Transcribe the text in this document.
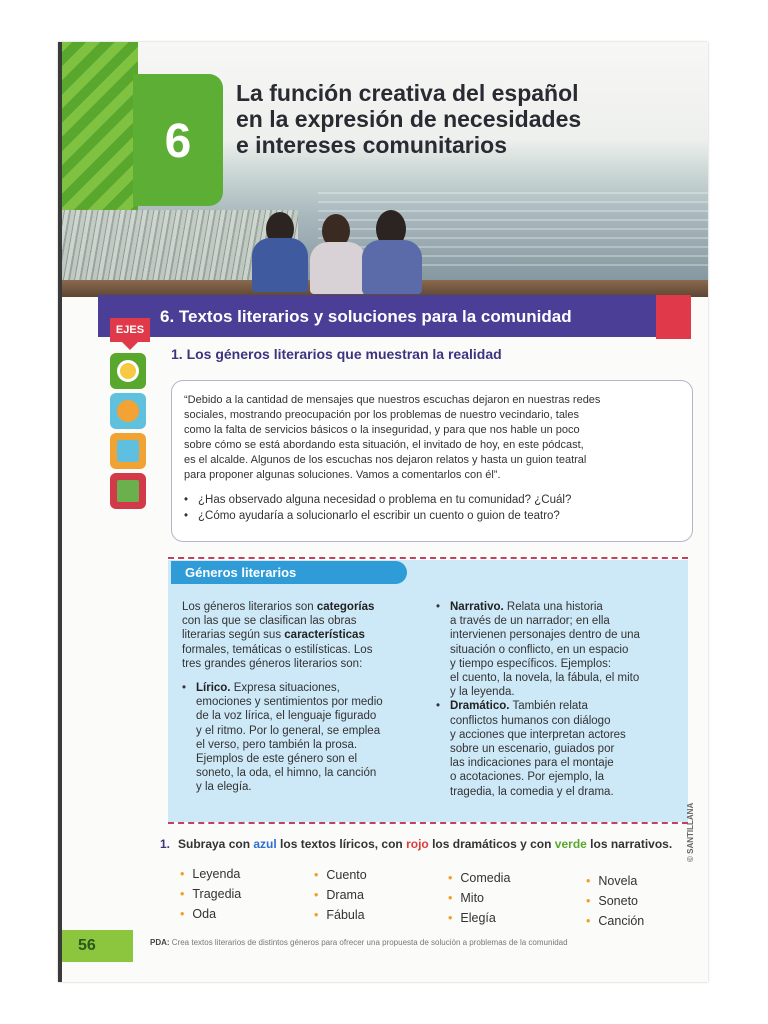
6
La función creativa del español
en la expresión de necesidades
e intereses comunitarios
6. Textos literarios y soluciones para la comunidad
EJES
1. Los géneros literarios que muestran la realidad
“Debido a la cantidad de mensajes que nuestros escuchas dejaron en nuestras redes
sociales, mostrando preocupación por los problemas de nuestro vecindario, tales
como la falta de servicios básicos o la inseguridad, y para que nos hable un poco
sobre cómo se está abordando esta situación, el invitado de hoy, en este pódcast,
es el alcalde. Algunos de los escuchas nos dejaron relatos y hasta un guion teatral
para proponer algunas soluciones. Vamos a comentarlos con él”.
• ¿Has observado alguna necesidad o problema en tu comunidad? ¿Cuál?
• ¿Cómo ayudaría a solucionarlo el escribir un cuento o guion de teatro?
Géneros literarios
Los géneros literarios son categorías
con las que se clasifican las obras
literarias según sus características
formales, temáticas o estilísticas. Los
tres grandes géneros literarios son:
• Lírico. Expresa situaciones,
emociones y sentimientos por medio
de la voz lírica, el lenguaje figurado
y el ritmo. Por lo general, se emplea
el verso, pero también la prosa.
Ejemplos de este género son el
soneto, la oda, el himno, la canción
y la elegía.
• Narrativo. Relata una historia
a través de un narrador; en ella
intervienen personajes dentro de una
situación o conflicto, en un espacio
y tiempo específicos. Ejemplos:
el cuento, la novela, la fábula, el mito
y la leyenda.
• Dramático. También relata
conflictos humanos con diálogo
y acciones que interpretan actores
sobre un escenario, guiados por
las indicaciones para el montaje
o acotaciones. Por ejemplo, la
tragedia, la comedia y el drama.
1. Subraya con azul los textos líricos, con rojo los dramáticos y con verde los narrativos.
• Leyenda
• Tragedia
• Oda
• Cuento
• Drama
• Fábula
• Comedia
• Mito
• Elegía
• Novela
• Soneto
• Canción
© SANTILLANA
56	PDA: Crea textos literarios de distintos géneros para ofrecer una propuesta de solución a problemas de la comunidad
